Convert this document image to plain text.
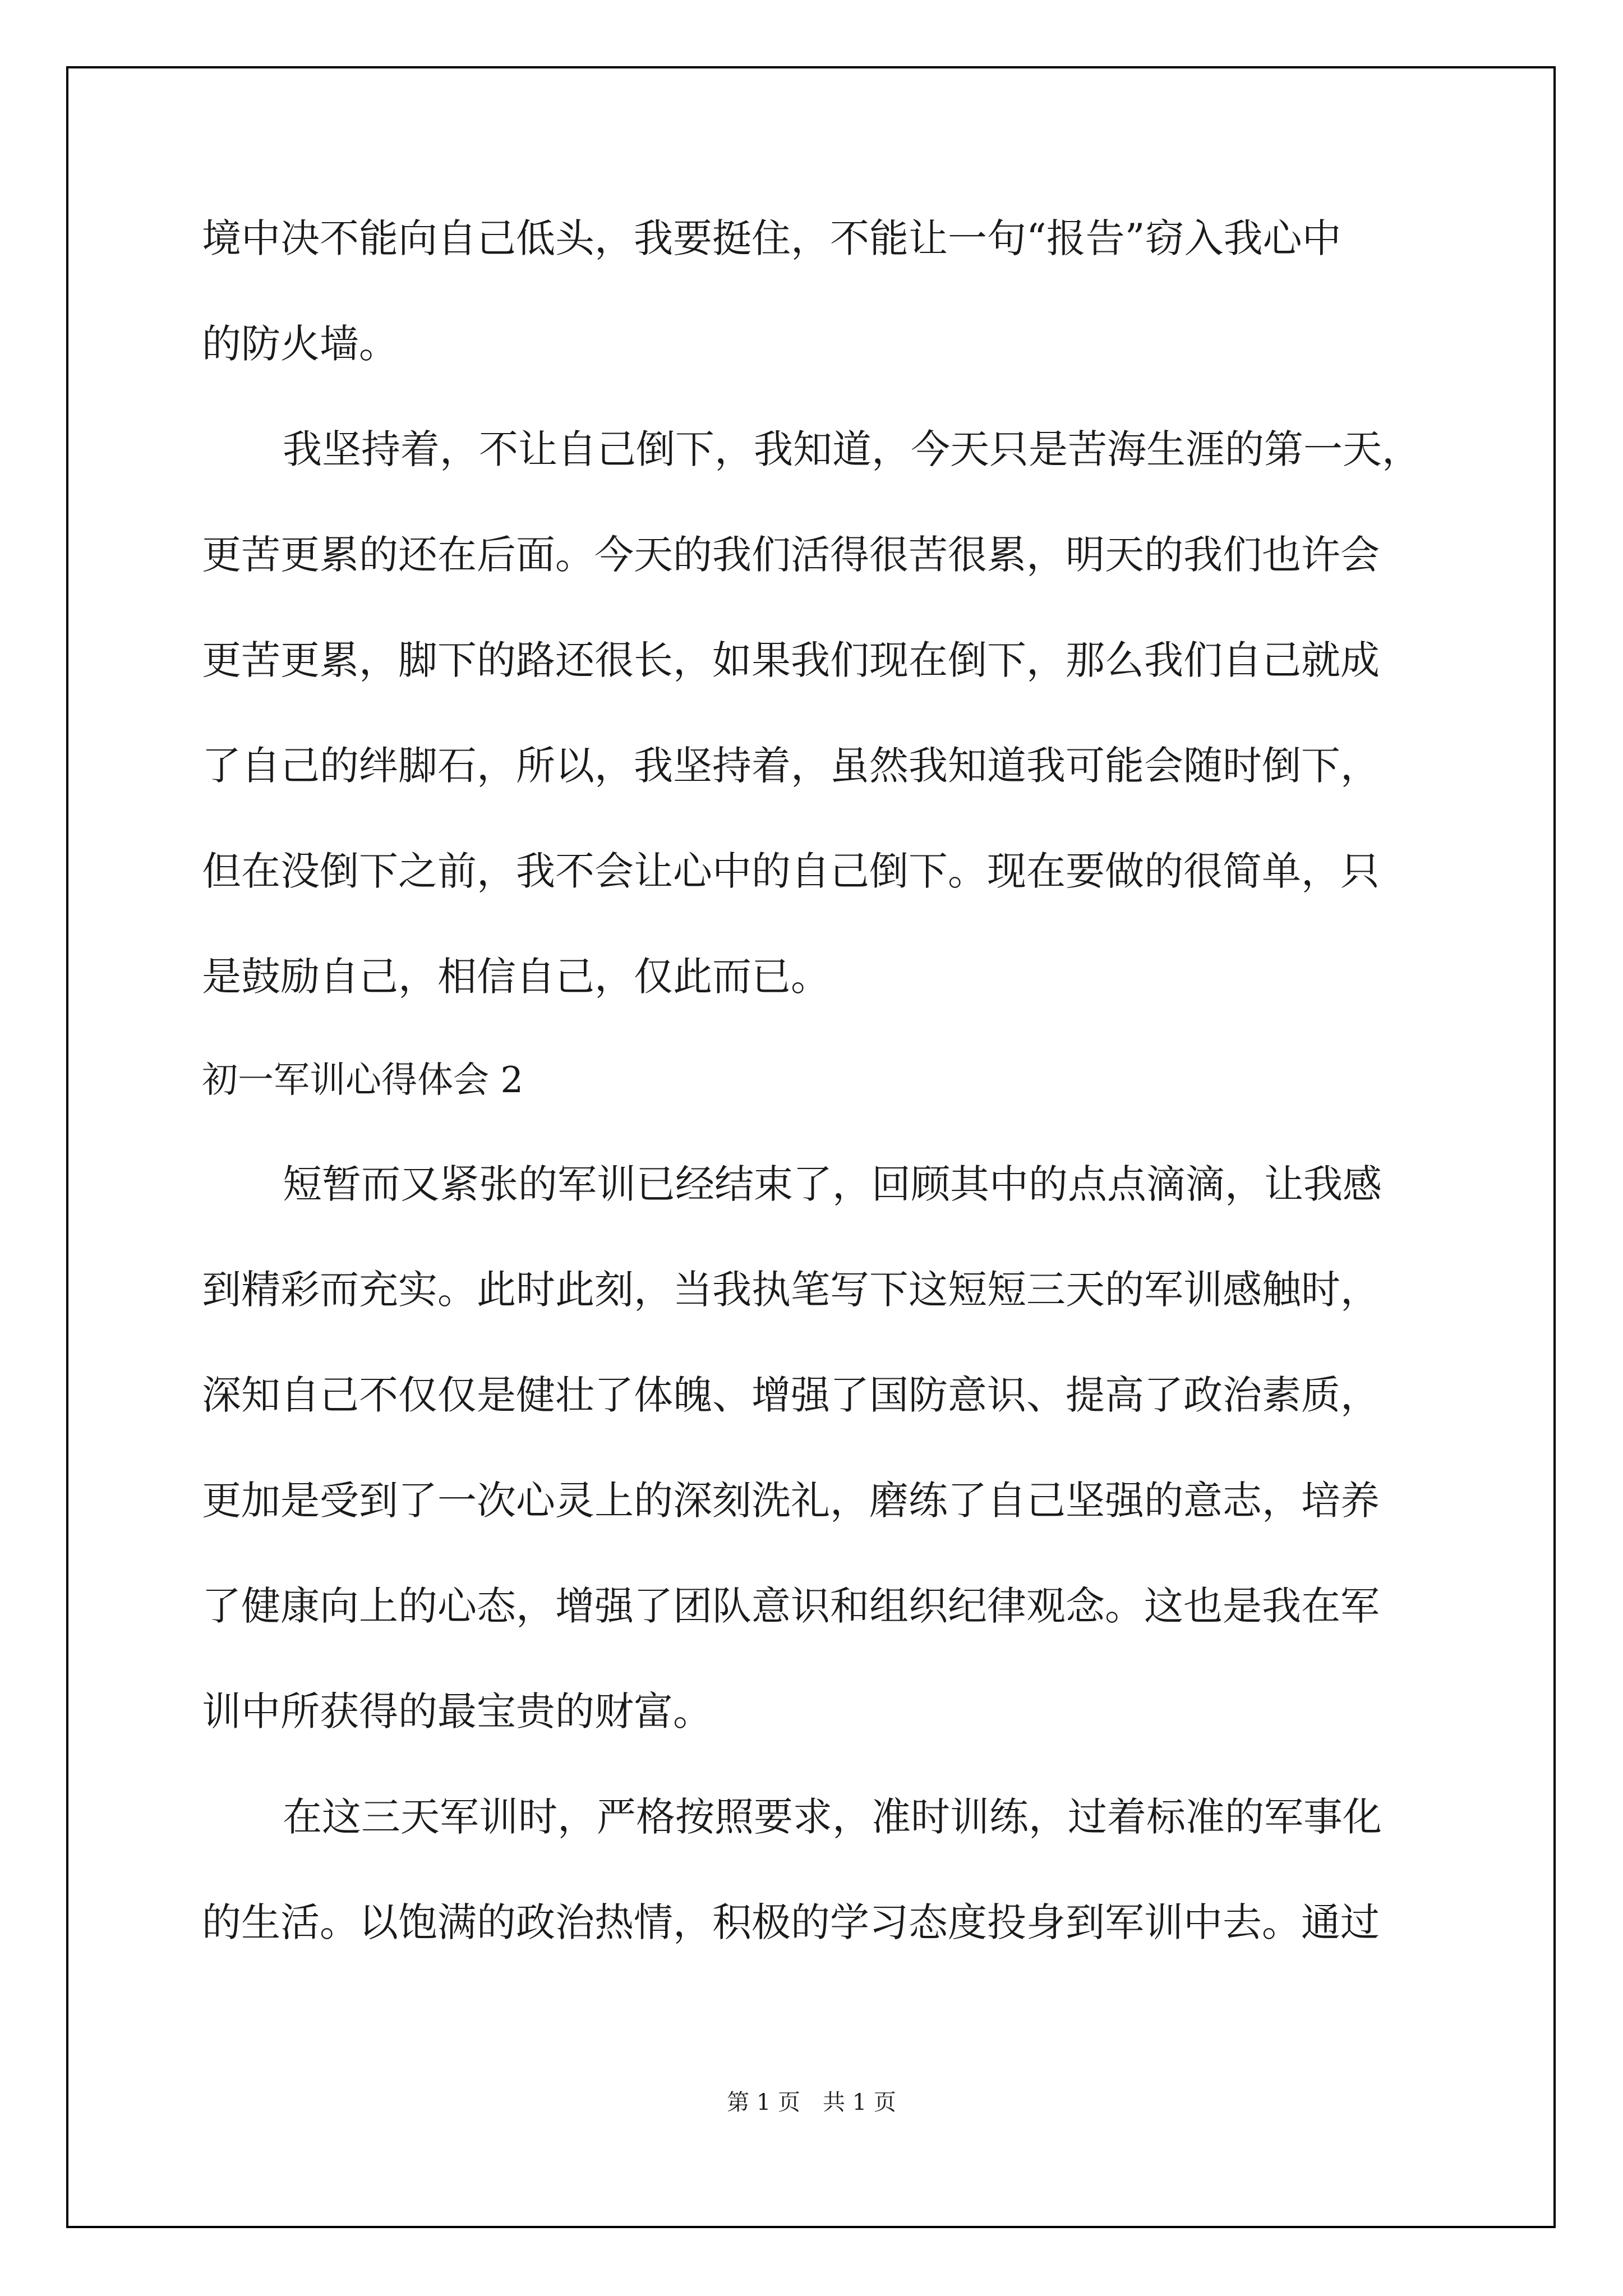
境中决不能向自己低头，我要挺住，不能让一句“报告”窃入我心中
的防火墙。
我坚持着，不让自己倒下，我知道，今天只是苦海生涯的第一天，
更苦更累的还在后面。今天的我们活得很苦很累，明天的我们也许会
更苦更累，脚下的路还很长，如果我们现在倒下，那么我们自己就成
了自己的绊脚石，所以，我坚持着，虽然我知道我可能会随时倒下，
但在没倒下之前，我不会让心中的自己倒下。现在要做的很简单，只
是鼓励自己，相信自己，仅此而已。
初一军训心得体会 2
短暂而又紧张的军训已经结束了，回顾其中的点点滴滴，让我感
到精彩而充实。此时此刻，当我执笔写下这短短三天的军训感触时，
深知自己不仅仅是健壮了体魄、增强了国防意识、提高了政治素质，
更加是受到了一次心灵上的深刻洗礼，磨练了自己坚强的意志，培养
了健康向上的心态，增强了团队意识和组织纪律观念。这也是我在军
训中所获得的最宝贵的财富。
在这三天军训时，严格按照要求，准时训练，过着标准的军事化
的生活。以饱满的政治热情，积极的学习态度投身到军训中去。通过
第 1 页　共 1 页
